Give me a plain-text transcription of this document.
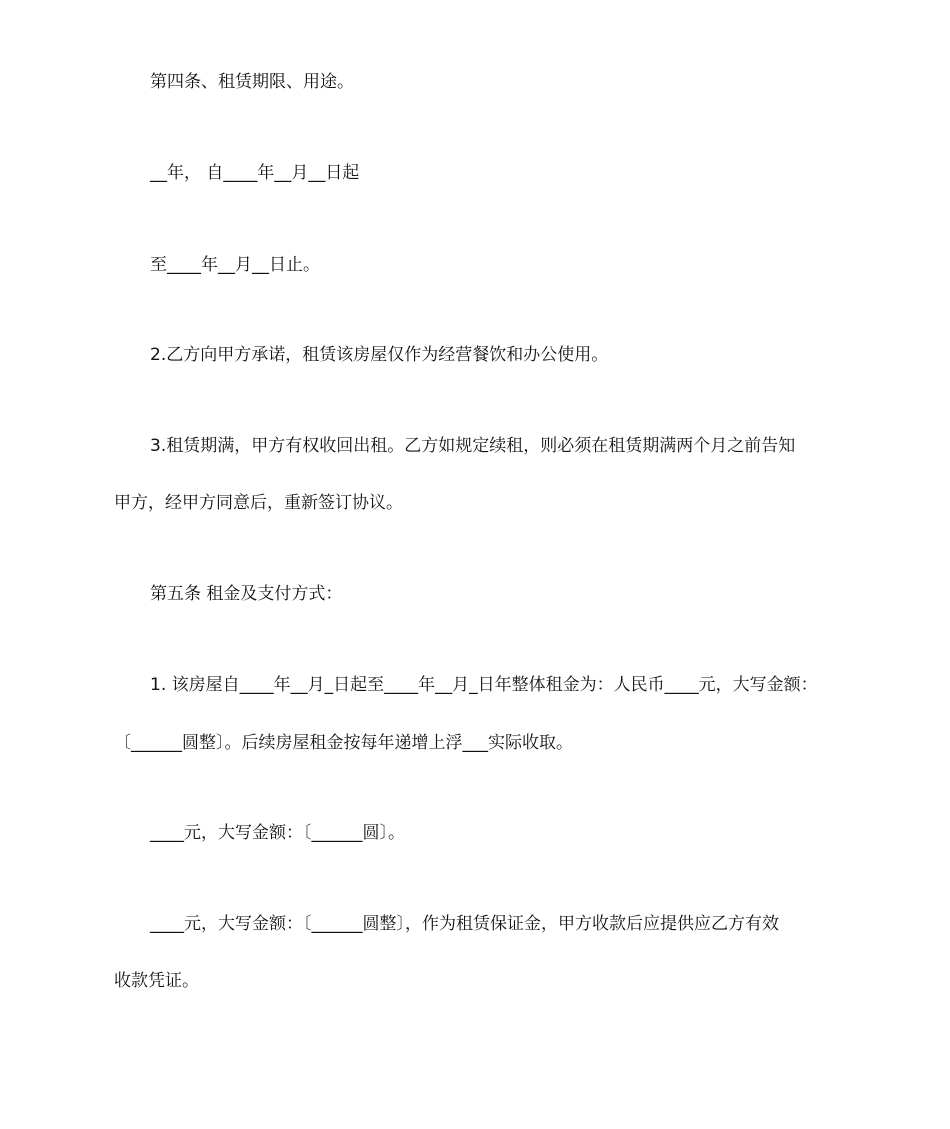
第四条、租赁期限、用途。
__年， 自____年__月__日起
至____年__月__日止。
2.乙方向甲方承诺，租赁该房屋仅作为经营餐饮和办公使用。
3.租赁期满，甲方有权收回出租。乙方如规定续租，则必须在租赁期满两个月之前告知
甲方，经甲方同意后，重新签订协议。
第五条 租金及支付方式：
1. 该房屋自____年__月_日起至____年__月_日年整体租金为：人民币____元，大写金额：
〔______圆整〕。后续房屋租金按每年递增上浮___实际收取。
____元，大写金额：〔______圆〕。
____元，大写金额：〔______圆整〕，作为租赁保证金，甲方收款后应提供应乙方有效
收款凭证。
